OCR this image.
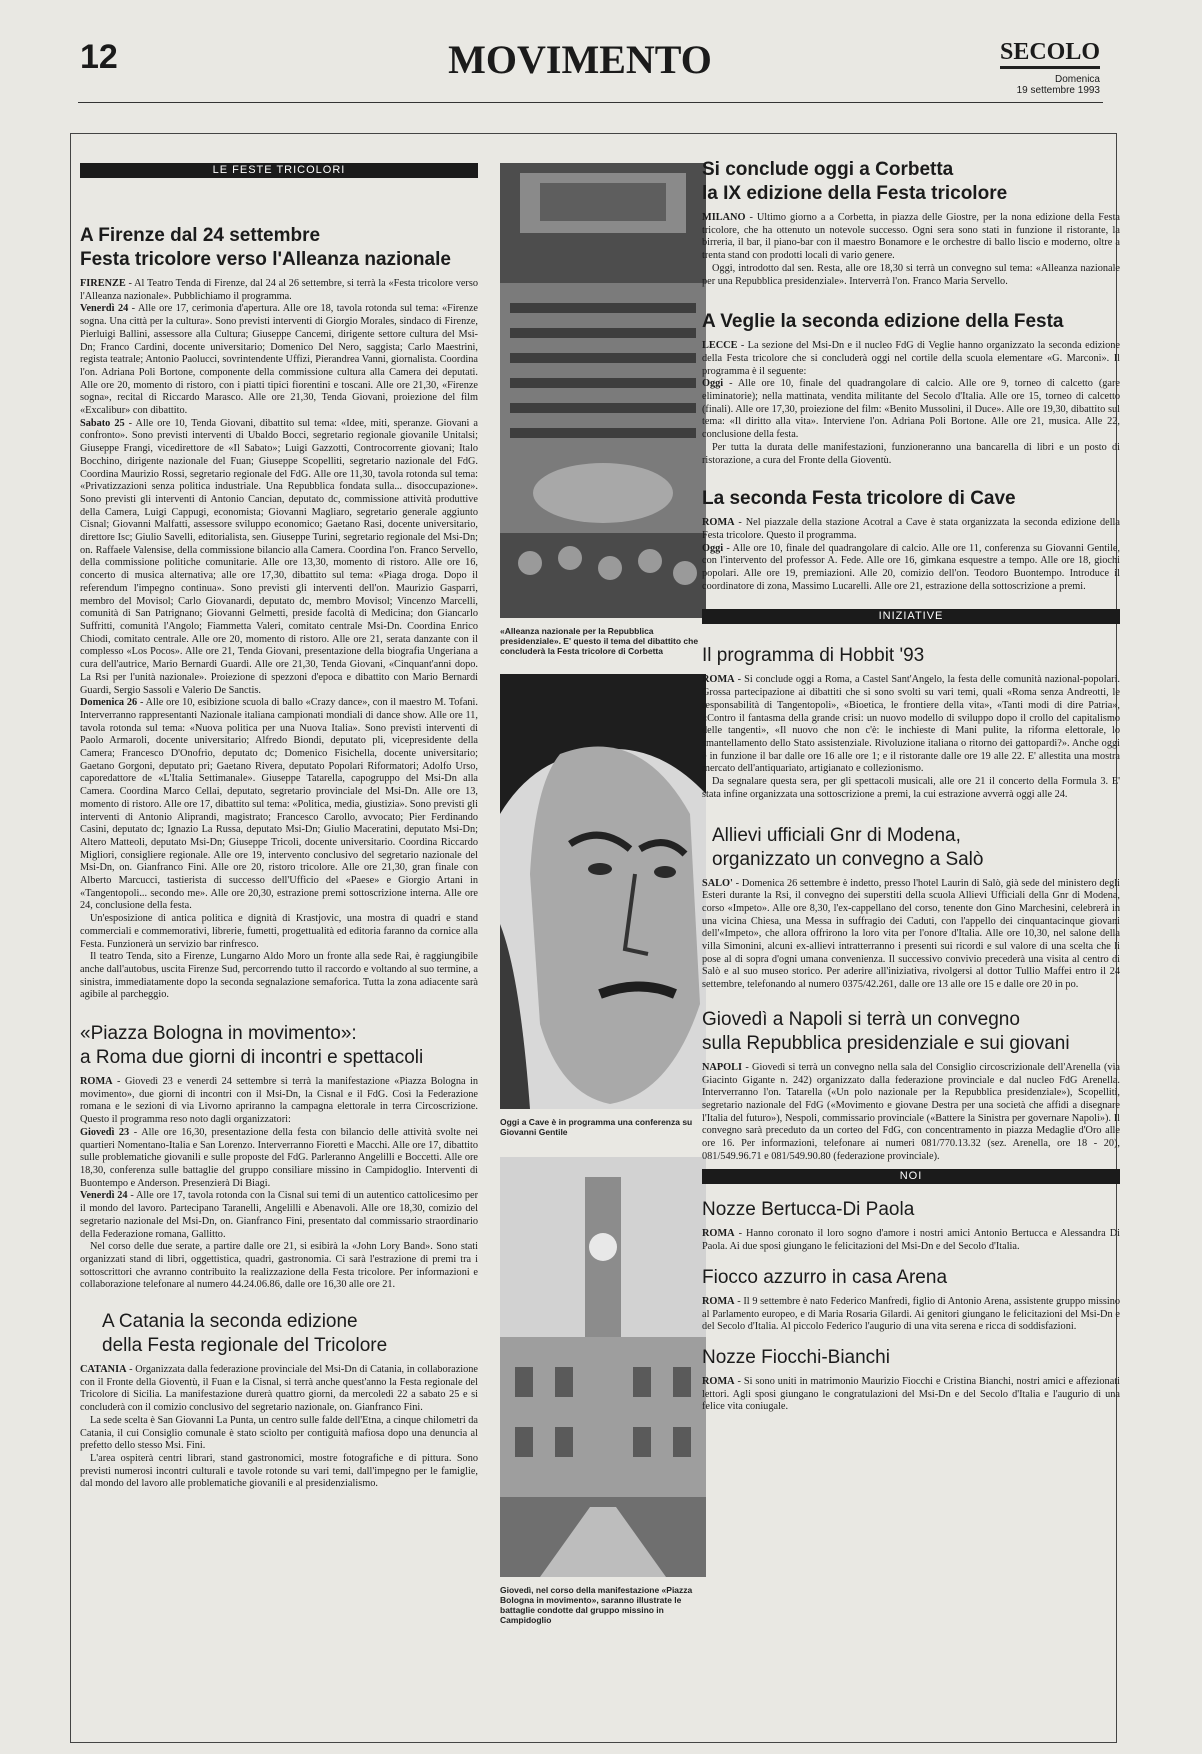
12	MOVIMENTO	SECOLO
Domenica
19 settembre 1993
LE FESTE TRICOLORI
A Firenze dal 24 settembre
Festa tricolore verso l'Alleanza nazionale

FIRENZE - Al Teatro Tenda di Firenze, dal 24 al 26 settembre, si terrà la «Festa tricolore verso l'Alleanza nazionale». Pubblichiamo il programma.

Venerdì 24 - Alle ore 17, cerimonia d'apertura. Alle ore 18, tavola rotonda sul tema: «Firenze sogna. Una città per la cultura». Sono previsti interventi di Giorgio Morales, sindaco di Firenze, Pierluigi Ballini, assessore alla Cultura; Giuseppe Cancemi, dirigente settore cultura del Msi-Dn; Franco Cardini, docente universitario; Domenico Del Nero, saggista; Carlo Maestrini, regista teatrale; Antonio Paolucci, sovrintendente Uffizi, Pierandrea Vanni, giornalista. Coordina l'on. Adriana Poli Bortone, componente della commissione cultura alla Camera dei deputati. Alle ore 20, momento di ristoro, con i piatti tipici fiorentini e toscani. Alle ore 21,30, «Firenze sogna», recital di Riccardo Marasco. Alle ore 21,30, Tenda Giovani, proiezione del film «Excalibur» con dibattito.

Sabato 25 - Alle ore 10, Tenda Giovani, dibattito sul tema: «Idee, miti, speranze. Giovani a confronto». Sono previsti interventi di Ubaldo Bocci, segretario regionale giovanile Unitalsi; Giuseppe Frangi, vicedirettore de «Il Sabato»; Luigi Gazzotti, Controcorrente giovani; Italo Bocchino, dirigente nazionale del Fuan; Giuseppe Scopelliti, segretario nazionale del FdG. Coordina Maurizio Rossi, segretario regionale del FdG. Alle ore 11,30, tavola rotonda sul tema: «Privatizzazioni senza politica industriale. Una Repubblica fondata sulla... disoccupazione». Sono previsti gli interventi di Antonio Cancian, deputato dc, commissione attività produttive della Camera, Luigi Cappugi, economista; Giovanni Magliaro, segretario generale aggiunto Cisnal; Giovanni Malfatti, assessore sviluppo economico; Gaetano Rasi, docente universitario, direttore Isc; Giulio Savelli, editorialista, sen. Giuseppe Turini, segretario regionale del Msi-Dn; on. Raffaele Valensise, della commissione bilancio alla Camera. Coordina l'on. Franco Servello, della commissione politiche comunitarie. Alle ore 13,30, momento di ristoro. Alle ore 16, concerto di musica alternativa; alle ore 17,30, dibattito sul tema: «Piaga droga. Dopo il referendum l'impegno continua». Sono previsti gli interventi dell'on. Maurizio Gasparri, membro del Movisol; Carlo Giovanardi, deputato dc, membro Movisol; Vincenzo Marcelli, comunità di San Patrignano; Giovanni Gelmetti, preside facoltà di Medicina; don Giancarlo Suffritti, comunità l'Angolo; Fiammetta Valeri, comitato centrale Msi-Dn. Coordina Enrico Chiodi, comitato centrale. Alle ore 20, momento di ristoro. Alle ore 21, serata danzante con il complesso «Los Pocos». Alle ore 21, Tenda Giovani, presentazione della biografia Ungeriana a cura dell'autrice, Mario Bernardi Guardi. Alle ore 21,30, Tenda Giovani, «Cinquant'anni dopo. La Rsi per l'unità nazionale». Proiezione di spezzoni d'epoca e dibattito con Mario Bernardi Guardi, Sergio Sassoli e Valerio De Sanctis.

Domenica 26 - Alle ore 10, esibizione scuola di ballo «Crazy dance», con il maestro M. Tofani. Interverranno rappresentanti Nazionale italiana campionati mondiali di dance show. Alle ore 11, tavola rotonda sul tema: «Nuova politica per una Nuova Italia». Sono previsti interventi di Paolo Armaroli, docente universitario; Alfredo Biondi, deputato pli, vicepresidente della Camera; Francesco D'Onofrio, deputato dc; Domenico Fisichella, docente universitario; Gaetano Gorgoni, deputato pri; Gaetano Rivera, deputato Popolari Riformatori; Adolfo Urso, caporedattore de «L'Italia Settimanale». Giuseppe Tatarella, capogruppo del Msi-Dn alla Camera. Coordina Marco Cellai, deputato, segretario provinciale del Msi-Dn. Alle ore 13, momento di ristoro. Alle ore 17, dibattito sul tema: «Politica, media, giustizia». Sono previsti gli interventi di Antonio Aliprandi, magistrato; Francesco Carollo, avvocato; Pier Ferdinando Casini, deputato dc; Ignazio La Russa, deputato Msi-Dn; Giulio Maceratini, deputato Msi-Dn; Altero Matteoli, deputato Msi-Dn; Giuseppe Tricoli, docente universitario. Coordina Riccardo Migliori, consigliere regionale. Alle ore 19, intervento conclusivo del segretario nazionale del Msi-Dn, on. Gianfranco Fini. Alle ore 20, ristoro tricolore. Alle ore 21,30, gran finale con Alberto Marcucci, tastierista di successo dell'Ufficio del «Paese» e Giorgio Artani in «Tangentopoli... secondo me». Alle ore 20,30, estrazione premi sottoscrizione interna. Alle ore 24, conclusione della festa.

Un'esposizione di antica politica e dignità di Krastjovic, una mostra di quadri e stand commerciali e commemorativi, librerie, fumetti, progettualità ed editoria faranno da cornice alla Festa. Funzionerà un servizio bar rinfresco.

Il teatro Tenda, sito a Firenze, Lungarno Aldo Moro un fronte alla sede Rai, è raggiungibile anche dall'autobus, uscita Firenze Sud, percorrendo tutto il raccordo e voltando al suo termine, a sinistra, immediatamente dopo la seconda segnalazione semaforica. Tutta la zona adiacente sarà agibile al parcheggio.

«Piazza Bologna in movimento»:
a Roma due giorni di incontri e spettacoli

ROMA - Giovedì 23 e venerdì 24 settembre si terrà la manifestazione «Piazza Bologna in movimento», due giorni di incontri con il Msi-Dn, la Cisnal e il FdG. Così la Federazione romana e le sezioni di via Livorno apriranno la campagna elettorale in terra Circoscrizione. Questo il programma reso noto dagli organizzatori:

Giovedì 23 - Alle ore 16,30, presentazione della festa con bilancio delle attività svolte nei quartieri Nomentano-Italia e San Lorenzo. Interverranno Fiorettì e Macchi. Alle ore 17, dibattito sulle problematiche giovanili e sulle proposte del FdG. Parleranno Angelilli e Boccetti. Alle ore 18,30, conferenza sulle battaglie del gruppo consiliare missino in Campidoglio. Interventi di Buontempo e Anderson. Presenzierà Di Biagi.

Venerdì 24 - Alle ore 17, tavola rotonda con la Cisnal sui temi di un autentico cattolicesimo per il mondo del lavoro. Partecipano Taranelli, Angelilli e Abenavoli. Alle ore 18,30, comizio del segretario nazionale del Msi-Dn, on. Gianfranco Fini, presentato dal commissario straordinario della Federazione romana, Gallitto.

Nel corso delle due serate, a partire dalle ore 21, si esibirà la «John Lory Band». Sono stati organizzati stand di libri, oggettistica, quadri, gastronomia. Ci sarà l'estrazione di premi tra i sottoscrittori che avranno contribuito la realizzazione della Festa tricolore. Per informazioni e collaborazione telefonare al numero 44.24.06.86, dalle ore 16,30 alle ore 21.

A Catania la seconda edizione
della Festa regionale del Tricolore

CATANIA - Organizzata dalla federazione provinciale del Msi-Dn di Catania, in collaborazione con il Fronte della Gioventù, il Fuan e la Cisnal, si terrà anche quest'anno la Festa regionale del Tricolore di Sicilia. La manifestazione durerà quattro giorni, da mercoledì 22 a sabato 25 e si concluderà con il comizio conclusivo del segretario nazionale, on. Gianfranco Fini.

La sede scelta è San Giovanni La Punta, un centro sulle falde dell'Etna, a cinque chilometri da Catania, il cui Consiglio comunale è stato sciolto per contiguità mafiosa dopo una denuncia al prefetto dello stesso Msi. Fini.

L'area ospiterà centri librari, stand gastronomici, mostre fotografiche e di pittura. Sono previsti numerosi incontri culturali e tavole rotonde su vari temi, dall'impegno per le famiglie, dal mondo del lavoro alle problematiche giovanili e al presidenzialismo.

«Alleanza nazionale per la Repubblica presidenziale». E' questo il tema del dibattito che concluderà la Festa tricolore di Corbetta
Oggi a Cave è in programma una conferenza su Giovanni Gentile
Giovedì, nel corso della manifestazione «Piazza Bologna in movimento», saranno illustrate le battaglie condotte dal gruppo missino in Campidoglio
Si conclude oggi a Corbetta
la IX edizione della Festa tricolore

MILANO - Ultimo giorno a a Corbetta, in piazza delle Giostre, per la nona edizione della Festa tricolore, che ha ottenuto un notevole successo. Ogni sera sono stati in funzione il ristorante, la birreria, il bar, il piano-bar con il maestro Bonamore e le orchestre di ballo liscio e moderno, oltre a trenta stand con prodotti locali di vario genere.

Oggi, introdotto dal sen. Resta, alle ore 18,30 si terrà un convegno sul tema: «Alleanza nazionale per una Repubblica presidenziale». Interverrà l'on. Franco Maria Servello.

A Veglie la seconda edizione della Festa

LECCE - La sezione del Msi-Dn e il nucleo FdG di Veglie hanno organizzato la seconda edizione della Festa tricolore che si concluderà oggi nel cortile della scuola elementare «G. Marconi». Il programma è il seguente:

Oggi - Alle ore 10, finale del quadrangolare di calcio. Alle ore 9, torneo di calcetto (gare eliminatorie); nella mattinata, vendita militante del Secolo d'Italia. Alle ore 15, torneo di calcetto (finali). Alle ore 17,30, proiezione del film: «Benito Mussolini, il Duce». Alle ore 19,30, dibattito sul tema: «Il diritto alla vita». Interviene l'on. Adriana Poli Bortone. Alle ore 21, musica. Alle 22, conclusione della festa.

Per tutta la durata delle manifestazioni, funzioneranno una bancarella di libri e un posto di ristorazione, a cura del Fronte della Gioventù.

La seconda Festa tricolore di Cave

ROMA - Nel piazzale della stazione Acotral a Cave è stata organizzata la seconda edizione della Festa tricolore. Questo il programma.

Oggi - Alle ore 10, finale del quadrangolare di calcio. Alle ore 11, conferenza su Giovanni Gentile, con l'intervento del professor A. Fede. Alle ore 16, gimkana esquestre a tempo. Alle ore 18, giochi popolari. Alle ore 19, premiazioni. Alle 20, comizio dell'on. Teodoro Buontempo. Introduce il coordinatore di zona, Massimo Lucarelli. Alle ore 21, estrazione della sottoscrizione a premi.

INIZIATIVE
Il programma di Hobbit '93

ROMA - Si conclude oggi a Roma, a Castel Sant'Angelo, la festa delle comunità nazional-popolari. Grossa partecipazione ai dibattiti che si sono svolti su vari temi, quali «Roma senza Andreotti, le responsabilità di Tangentopoli», «Bioetica, le frontiere della vita», «Tanti modi di dire Patria», «Contro il fantasma della grande crisi: un nuovo modello di sviluppo dopo il crollo del capitalismo delle tangenti», «Il nuovo che non c'è: le inchieste di Mani pulite, la riforma elettorale, lo smantellamento dello Stato assistenziale. Rivoluzione italiana o ritorno dei gattopardi?». Anche oggi è in funzione il bar dalle ore 16 alle ore 1; e il ristorante dalle ore 19 alle 22. E' allestita una mostra mercato dell'antiquariato, artigianato e collezionismo.

Da segnalare questa sera, per gli spettacoli musicali, alle ore 21 il concerto della Formula 3. E' stata infine organizzata una sottoscrizione a premi, la cui estrazione avverrà oggi alle 24.

Allievi ufficiali Gnr di Modena,
organizzato un convegno a Salò

SALO' - Domenica 26 settembre è indetto, presso l'hotel Laurin di Salò, già sede del ministero degli Esteri durante la Rsi, il convegno dei superstiti della scuola Allievi Ufficiali della Gnr di Modena, corso «Impeto». Alle ore 8,30, l'ex-cappellano del corso, tenente don Gino Marchesini, celebrerà in una vicina Chiesa, una Messa in suffragio dei Caduti, con l'appello dei cinquantacinque giovani dell'«Impeto», che allora offrirono la loro vita per l'onore d'Italia. Alle ore 10,30, nel salone della villa Simonini, alcuni ex-allievi intratterranno i presenti sui ricordi e sul valore di una scelta che li pose al di sopra d'ogni umana convenienza. Il successivo convivio precederà una visita al centro di Salò e al suo museo storico. Per aderire all'iniziativa, rivolgersi al dottor Tullio Maffei entro il 24 settembre, telefonando al numero 0375/42.261, dalle ore 13 alle ore 15 e dalle ore 20 in po.

Giovedì a Napoli si terrà un convegno
sulla Repubblica presidenziale e sui giovani

NAPOLI - Giovedì si terrà un convegno nella sala del Consiglio circoscrizionale dell'Arenella (via Giacinto Gigante n. 242) organizzato dalla federazione provinciale e dal nucleo FdG Arenella. Interverranno l'on. Tatarella («Un polo nazionale per la Repubblica presidenziale»), Scopelliti, segretario nazionale del FdG («Movimento e giovane Destra per una società che affidi a disegnare l'Italia del futuro»), Nespoli, commissario provinciale («Battere la Sinistra per governare Napoli»). Il convegno sarà preceduto da un corteo del FdG, con concentramento in piazza Medaglie d'Oro alle ore 16. Per informazioni, telefonare ai numeri 081/770.13.32 (sez. Arenella, ore 18 - 20), 081/549.96.71 e 081/549.90.80 (federazione provinciale).

NOI
Nozze Bertucca-Di Paola

ROMA - Hanno coronato il loro sogno d'amore i nostri amici Antonio Bertucca e Alessandra Di Paola. Ai due sposi giungano le felicitazioni del Msi-Dn e del Secolo d'Italia.

Fiocco azzurro in casa Arena

ROMA - Il 9 settembre è nato Federico Manfredi, figlio di Antonio Arena, assistente gruppo missino al Parlamento europeo, e di Maria Rosaria Gilardi. Ai genitori giungano le felicitazioni del Msi-Dn e del Secolo d'Italia. Al piccolo Federico l'augurio di una vita serena e ricca di soddisfazioni.

Nozze Fiocchi-Bianchi

ROMA - Si sono uniti in matrimonio Maurizio Fiocchi e Cristina Bianchi, nostri amici e affezionati lettori. Agli sposi giungano le congratulazioni del Msi-Dn e del Secolo d'Italia e l'augurio di una felice vita coniugale.
